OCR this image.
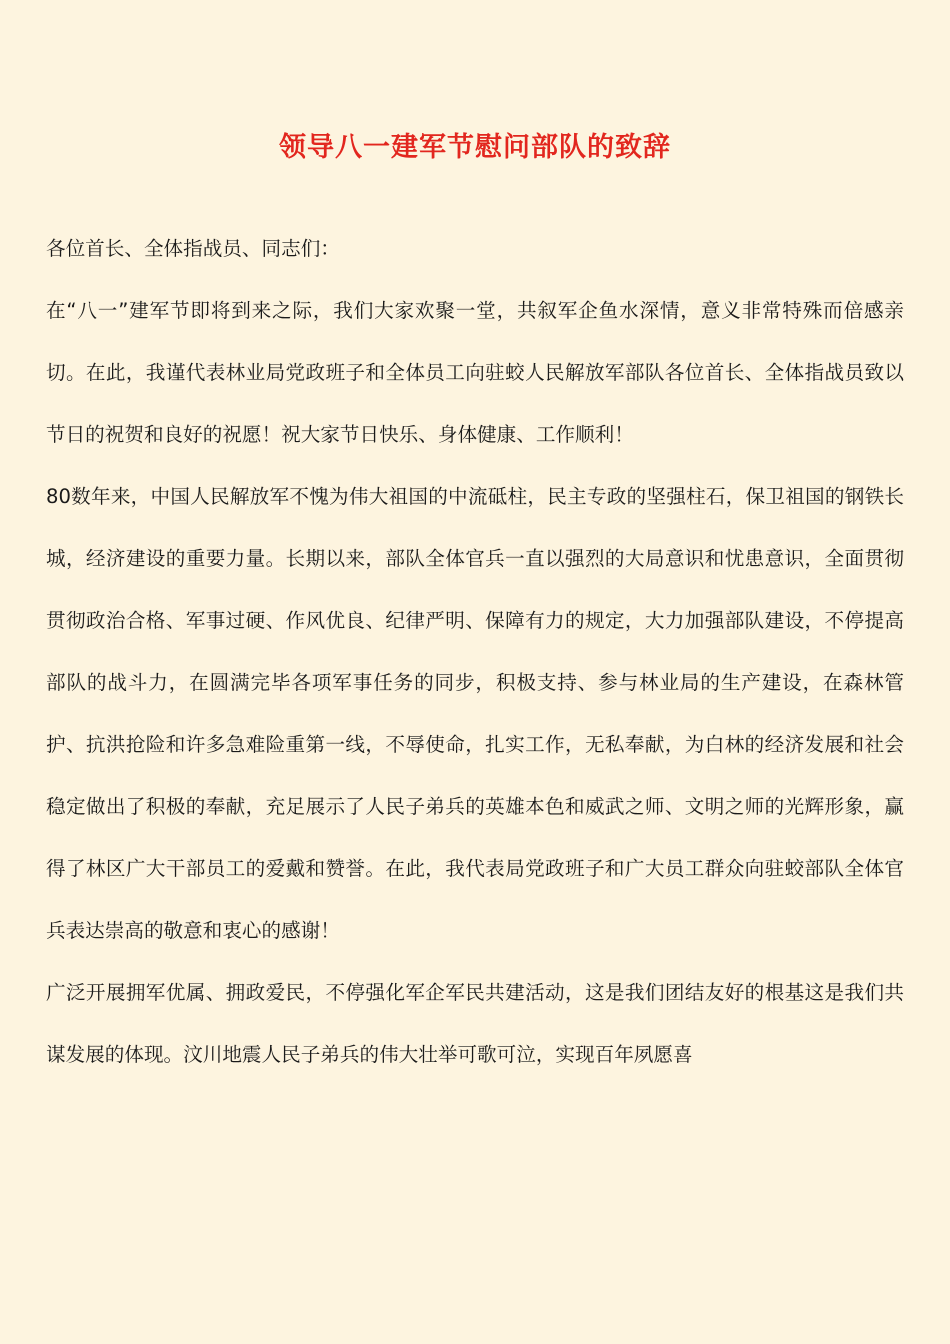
领导八一建军节慰问部队的致辞

各位首长、全体指战员、同志们：

在“八一”建军节即将到来之际，我们大家欢聚一堂，共叙军企鱼水深情，意义非常特殊而倍感亲切。在此，我谨代表林业局党政班子和全体员工向驻蛟人民解放军部队各位首长、全体指战员致以节日的祝贺和良好的祝愿！祝大家节日快乐、身体健康、工作顺利！

80数年来，中国人民解放军不愧为伟大祖国的中流砥柱，民主专政的坚强柱石，保卫祖国的钢铁长城，经济建设的重要力量。长期以来，部队全体官兵一直以强烈的大局意识和忧患意识，全面贯彻贯彻政治合格、军事过硬、作风优良、纪律严明、保障有力的规定，大力加强部队建设，不停提高部队的战斗力，在圆满完毕各项军事任务的同步，积极支持、参与林业局的生产建设，在森林管护、抗洪抢险和许多急难险重第一线，不辱使命，扎实工作，无私奉献，为白林的经济发展和社会稳定做出了积极的奉献，充足展示了人民子弟兵的英雄本色和威武之师、文明之师的光辉形象，赢得了林区广大干部员工的爱戴和赞誉。在此，我代表局党政班子和广大员工群众向驻蛟部队全体官兵表达崇高的敬意和衷心的感谢！

广泛开展拥军优属、拥政爱民，不停强化军企军民共建活动，这是我们团结友好的根基这是我们共谋发展的体现。汶川地震人民子弟兵的伟大壮举可歌可泣，实现百年夙愿喜
